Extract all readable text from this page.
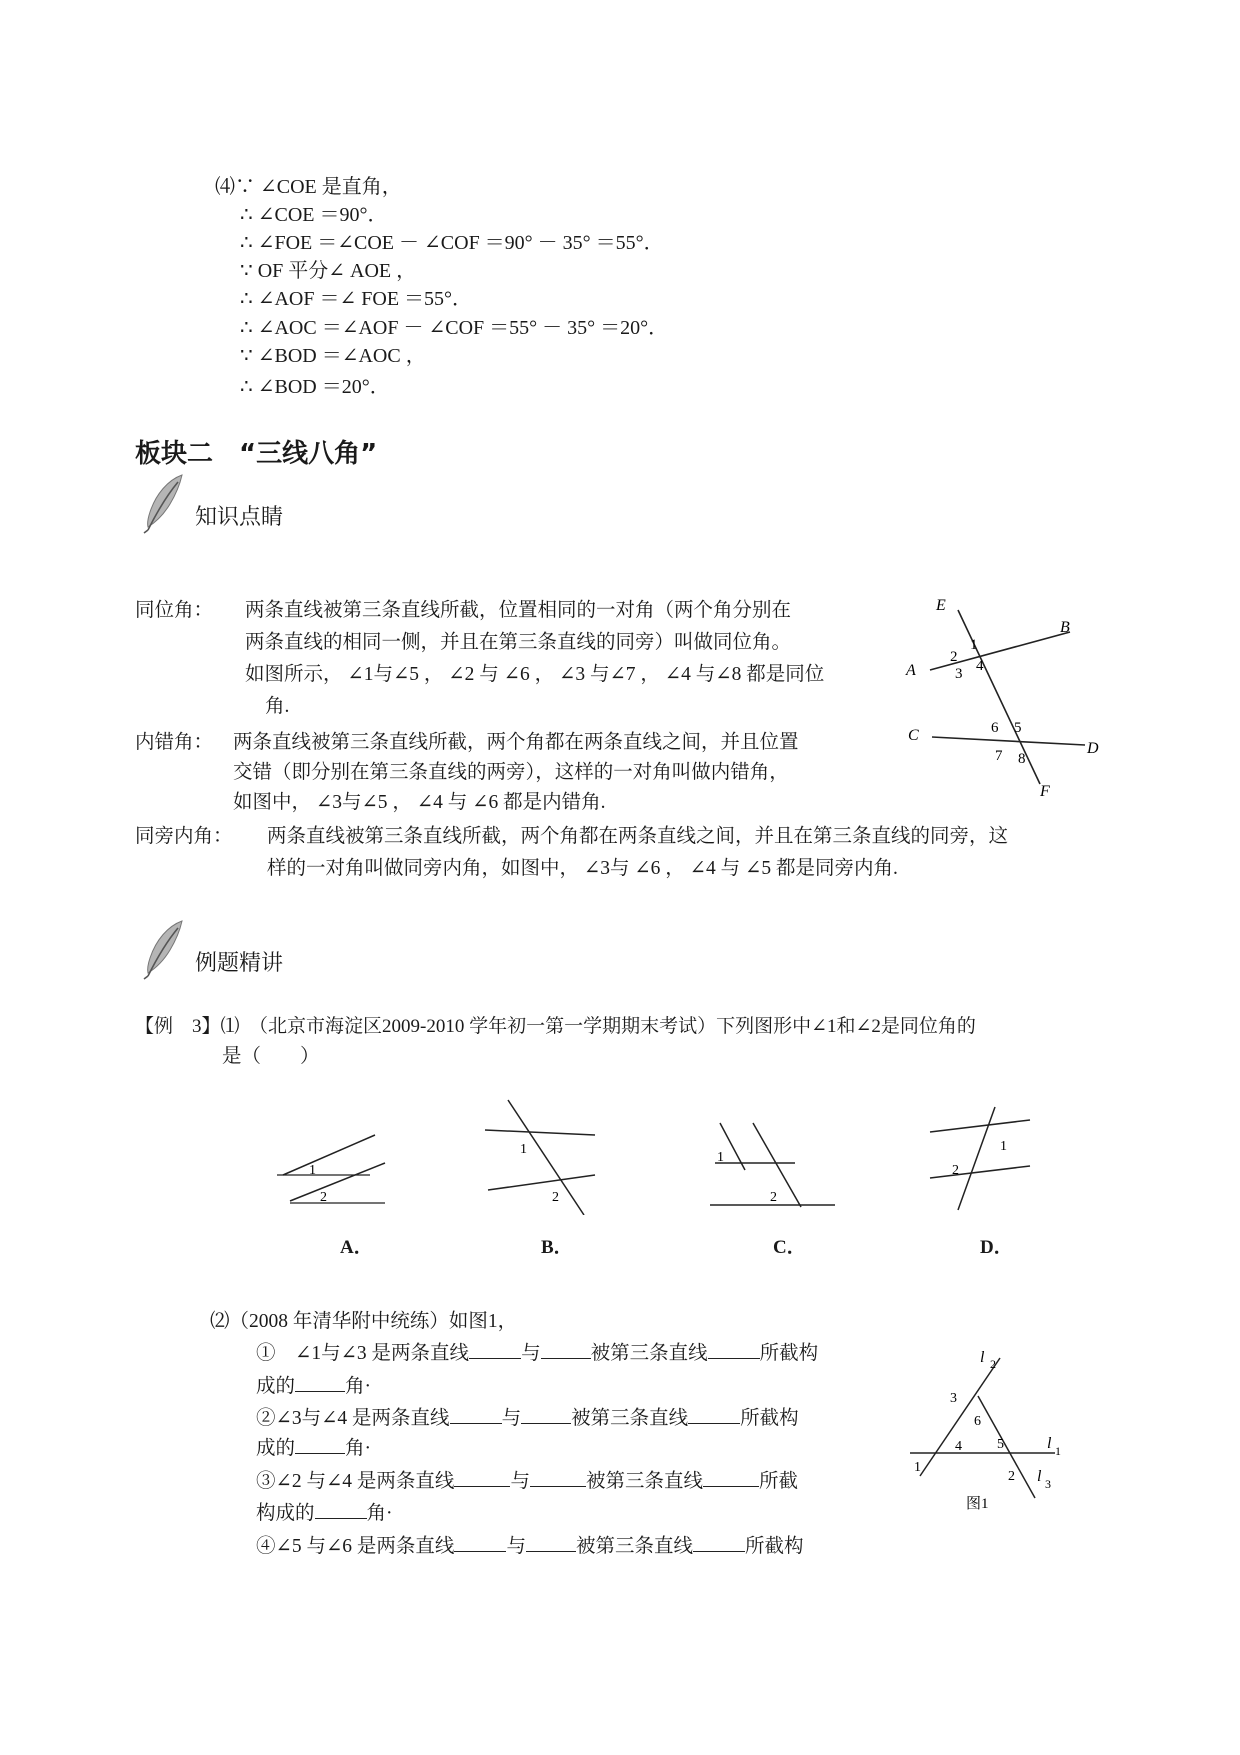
⑷∵ ∠COE 是直角，
∴ ∠COE ＝90°．
∴ ∠FOE ＝∠COE － ∠COF ＝90° － 35° ＝55°．
∵ OF 平分∠ AOE ，
∴ ∠AOF ＝∠ FOE ＝55°．
∴ ∠AOC ＝∠AOF － ∠COF ＝55° － 35° ＝20°．
∵ ∠BOD ＝∠AOC ，
∴ ∠BOD ＝20°．
板块二　“三线八角”
知识点睛
同位角： 两条直线被第三条直线所截，位置相同的一对角（两个角分别在
两条直线的相同一侧，并且在第三条直线的同旁）叫做同位角。
如图所示， ∠1与∠5 ， ∠2 与 ∠6 ， ∠3 与∠7 ， ∠4 与∠8 都是同位
角.
内错角： 两条直线被第三条直线所截，两个角都在两条直线之间，并且位置
交错（即分别在第三条直线的两旁），这样的一对角叫做内错角，
如图中， ∠3与∠5 ， ∠4 与 ∠6 都是内错角.
同旁内角： 两条直线被第三条直线所截，两个角都在两条直线之间，并且在第三条直线的同旁，这
样的一对角叫做同旁内角，如图中， ∠3与 ∠6 ， ∠4 与 ∠5 都是同旁内角.
E
B
A
C
D
F
1
2
3 4
5
6
7 8
例题精讲
【例　3】⑴　（北京市海淀区2009-2010 学年初一第一学期期末考试）下列图形中∠1和∠2是同位角的
是（　　）
1
2
1
2
1
2
1
2
A．	B．	C．	D．
⑵（2008 年清华附中统练）如图1，
①　∠1与∠3 是两条直线	与	被第三条直线	所截构
成的	角·
②∠3与∠4 是两条直线	与	被第三条直线	所截构
成的	角·
③∠2 与∠4 是两条直线	与	被第三条直线	所截
构成的	角·
④∠5 与∠6 是两条直线	与	被第三条直线	所截构
l 2
l 1
l 3
1
2
3
4	5
6
图1
